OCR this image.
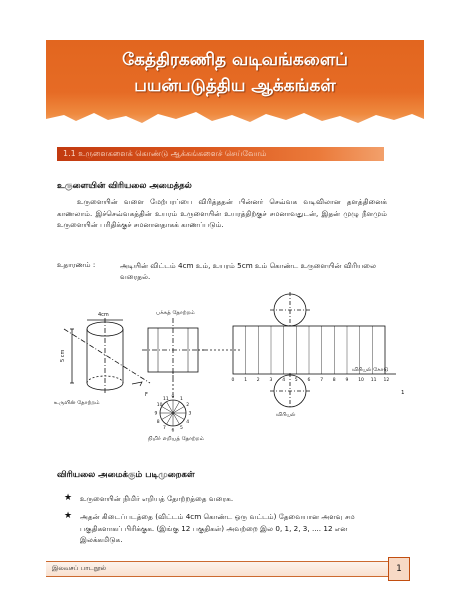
கேத்திரகணித வடிவங்களைப்
பயன்படுத்திய ஆக்கங்கள்
1.1 உருளைகளைக் கொண்டு ஆக்கங்களைச் செய்வோம்
உருளையின் விரியலை அமைத்தல்
உருளையின் வளை மேற்பரப்பை விரித்ததன் பின்னர் செவ்வக வடிவிலான தளத்தினைக் காணலாம். இச்செவ்வகத்தின் உயரம் உருளையின் உயரத்திற்குச் சமனாவதுடன், இதன் முழு நீளமும் உருளையின் பரிதிக்குச் சமனானதாகக் காணப்படும்.
உதாரணம் :	அடியின் விட்டம் 4cm உம், உயரம் 5cm உம் கொண்ட உருளையின் விரியலை வரைதல்.
4cm
5 cm
F
பக்கத் தோற்றம்
உருளின் தோற்றம்
நிமிர் எறியத் தோற்றம்
விரியல் கோடு
விரியல்
1
0 1
2
3
4
5
6
7
8
9
10
11
0 1 2 3 4 5 6 7 8 9 10 11 12
விரியலை அமைக்கும் படிமுறைகள்
★ உருளையின் நிமிர் எறியத் தோற்றத்தை வரைக.
★ அதன் கிடைப்படத்தை (விட்டம் 4cm கொண்ட ஒரு வட்டம்) தேவையான அளவு சம பகுதிகளாகப் பிரிக்குக. (இங்கு 12 பகுதிகள்) அவற்றை இல 0, 1, 2, 3, .... 12 என இலக்கமிடுக.
இலவசப் பாடநூல்	1
